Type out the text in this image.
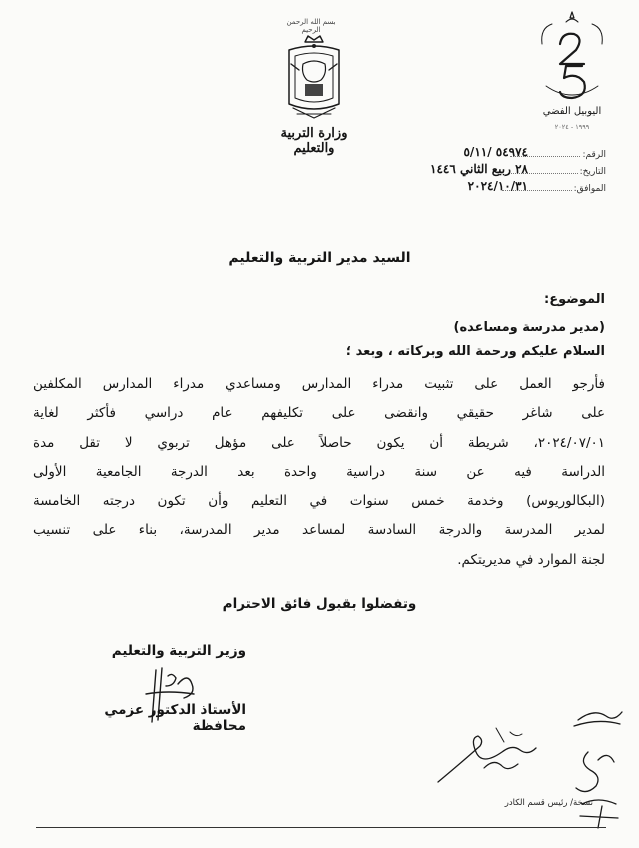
بسم الله الرحمن الرحيم
وزارة التربية والتعليم
اليوبيل الفضي
١٩٩٩ - ٢٠٢٤
الرقم:
٥٤٩٧٤ /٥/١١
التاريخ:
٢٨ ربيع الثاني ١٤٤٦
الموافق:
٢٠٢٤/١٠/٣١
السيد مدير التربية والتعليم
الموضوع:
(مدير مدرسة ومساعده)
السلام عليكم ورحمة الله وبركاته ، وبعد ؛
فأرجو العمل على تثبيت مدراء المدارس ومساعدي مدراء المدارس المكلفين
على شاغر حقيقي وانقضى على تكليفهم عام دراسي فأكثر لغاية
٢٠٢٤/٠٧/٠١، شريطة أن يكون حاصلاً على مؤهل تربوي لا تقل مدة
الدراسة فيه عن سنة دراسية واحدة بعد الدرجة الجامعية الأولى
(البكالوريوس) وخدمة خمس سنوات في التعليم وأن تكون درجته الخامسة
لمدير المدرسة والدرجة السادسة لمساعد مدير المدرسة، بناء على تنسيب
لجنة الموارد في مديريتكم.
وتفضلوا بقبول فائق الاحترام
وزير التربية والتعليم
الأستاذ الدكتور عزمي محافظة
نسخة/ رئيس قسم الكادر
